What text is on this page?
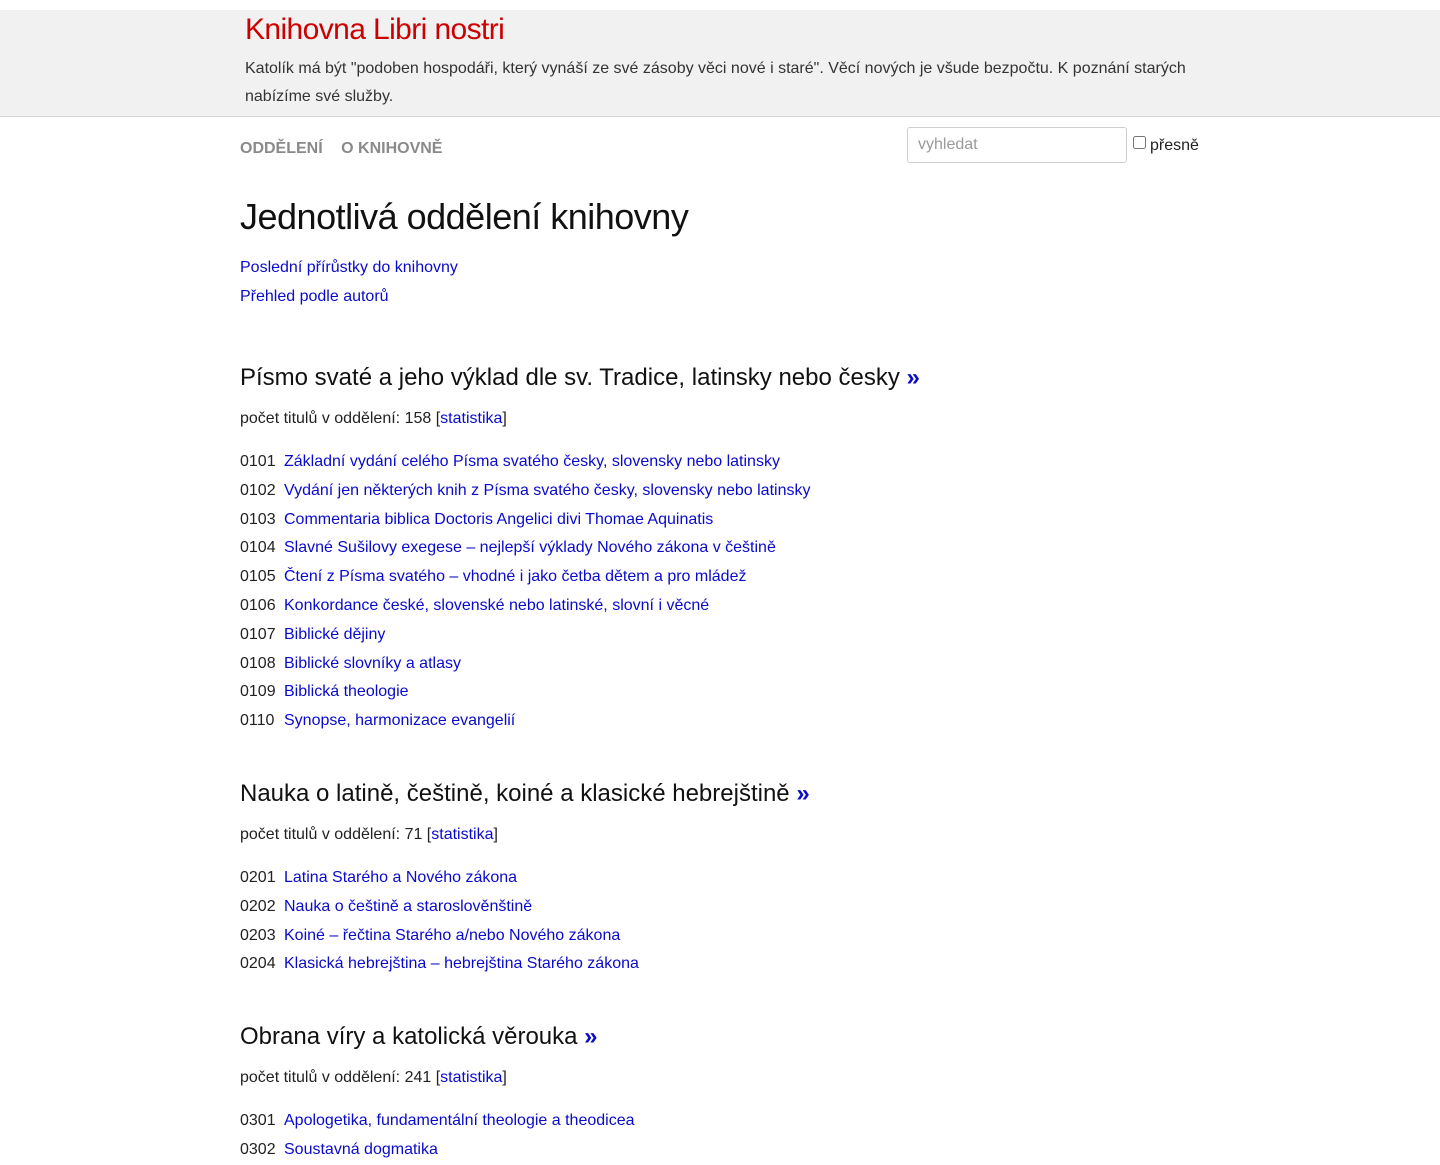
Knihovna Libri nostri

Katolík má být "podoben hospodáři, který vynáší ze své zásoby věci nové i staré". Věcí nových je všude bezpočtu. K poznání starých nabízíme své služby.

ODDĚLENÍ O KNIHOVNĚ
vyhledat	přesně
Jednotlivá oddělení knihovny
Poslední přírůstky do knihovny
Přehled podle autorů
Písmo svaté a jeho výklad dle sv. Tradice, latinsky nebo česky »
počet titulů v oddělení: 158 [statistika]
0101 Základní vydání celého Písma svatého česky, slovensky nebo latinsky
0102 Vydání jen některých knih z Písma svatého česky, slovensky nebo latinsky
0103 Commentaria biblica Doctoris Angelici divi Thomae Aquinatis
0104 Slavné Sušilovy exegese – nejlepší výklady Nového zákona v češtině
0105 Čtení z Písma svatého – vhodné i jako četba dětem a pro mládež
0106 Konkordance české, slovenské nebo latinské, slovní i věcné
0107 Biblické dějiny
0108 Biblické slovníky a atlasy
0109 Biblická theologie
0110 Synopse, harmonizace evangelií
Nauka o latině, češtině, koiné a klasické hebrejštině »
počet titulů v oddělení: 71 [statistika]
0201 Latina Starého a Nového zákona
0202 Nauka o češtině a staroslověnštině
0203 Koiné – řečtina Starého a/nebo Nového zákona
0204 Klasická hebrejština – hebrejština Starého zákona
Obrana víry a katolická věrouka »
počet titulů v oddělení: 241 [statistika]
0301 Apologetika, fundamentální theologie a theodicea
0302 Soustavná dogmatika
